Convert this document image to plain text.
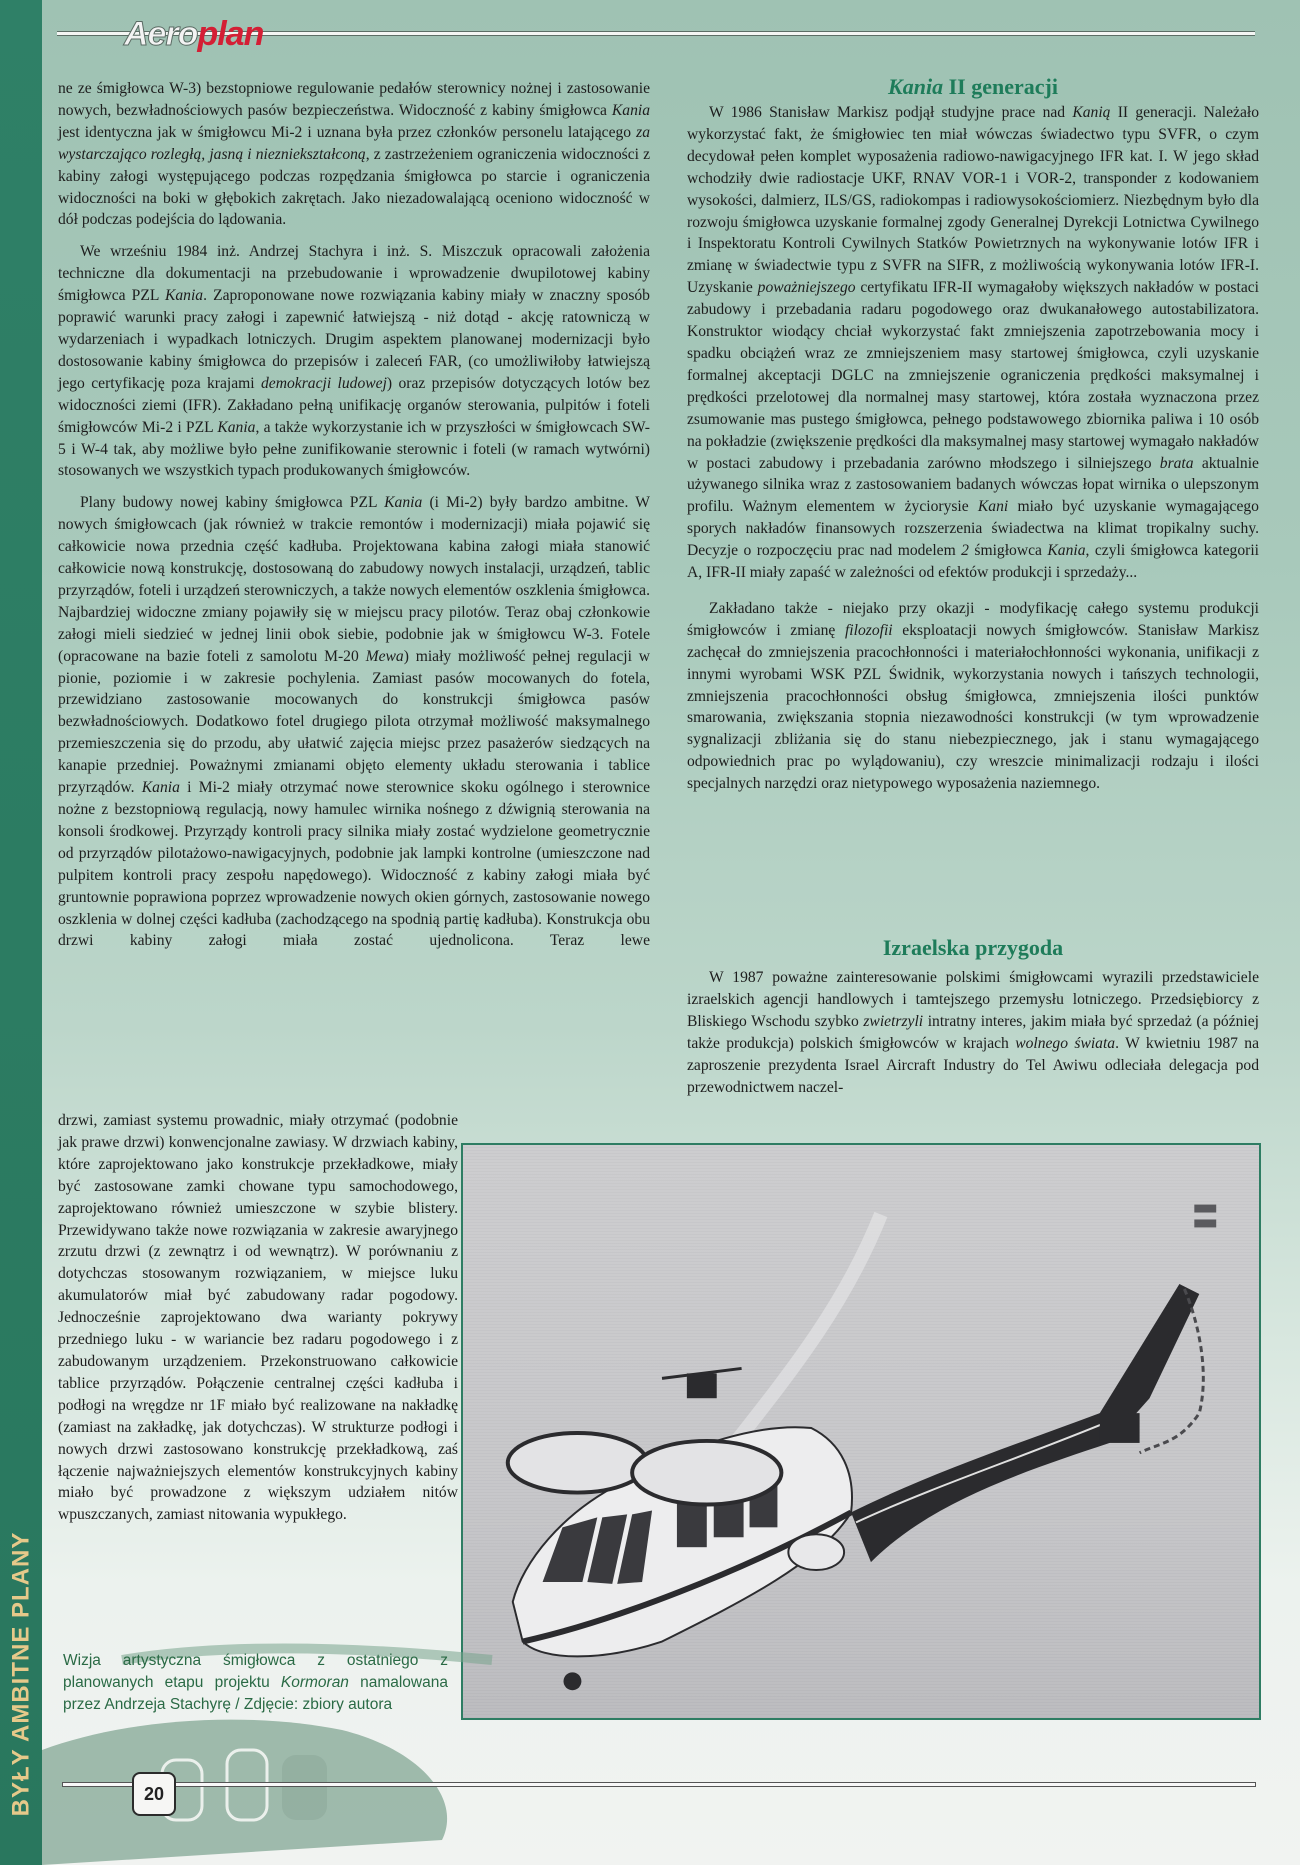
BYŁY AMBITNE PLANY
Aeroplan

ne ze śmigłowca W-3) bezstopniowe regulowanie pedałów sterownicy nożnej i zastosowanie nowych, bezwładnościowych pasów bezpieczeństwa. Widoczność z kabiny śmigłowca Kania jest identyczna jak w śmigłowcu Mi-2 i uznana była przez członków personelu latającego za wystarczająco rozległą, jasną i niezniekształconą, z zastrzeżeniem ograniczenia widoczności z kabiny załogi występującego podczas rozpędzania śmigłowca po starcie i ograniczenia widoczności na boki w głębokich zakrętach. Jako niezadowalającą oceniono widoczność w dół podczas podejścia do lądowania.

We wrześniu 1984 inż. Andrzej Stachyra i inż. S. Miszczuk opracowali założenia techniczne dla dokumentacji na przebudowanie i wprowadzenie dwupilotowej kabiny śmigłowca PZL Kania. Zaproponowane nowe rozwiązania kabiny miały w znaczny sposób poprawić warunki pracy załogi i zapewnić łatwiejszą - niż dotąd - akcję ratowniczą w wydarzeniach i wypadkach lotniczych. Drugim aspektem planowanej modernizacji było dostosowanie kabiny śmigłowca do przepisów i zaleceń FAR, (co umożliwiłoby łatwiejszą jego certyfikację poza krajami demokracji ludowej) oraz przepisów dotyczących lotów bez widoczności ziemi (IFR). Zakładano pełną unifikację organów sterowania, pulpitów i foteli śmigłowców Mi-2 i PZL Kania, a także wykorzystanie ich w przyszłości w śmigłowcach SW-5 i W-4 tak, aby możliwe było pełne zunifikowanie sterownic i foteli (w ramach wytwórni) stosowanych we wszystkich typach produkowanych śmigłowców.

Plany budowy nowej kabiny śmigłowca PZL Kania (i Mi-2) były bardzo ambitne. W nowych śmigłowcach (jak również w trakcie remontów i modernizacji) miała pojawić się całkowicie nowa przednia część kadłuba. Projektowana kabina załogi miała stanowić całkowicie nową konstrukcję, dostosowaną do zabudowy nowych instalacji, urządzeń, tablic przyrządów, foteli i urządzeń sterowniczych, a także nowych elementów oszklenia śmigłowca. Najbardziej widoczne zmiany pojawiły się w miejscu pracy pilotów. Teraz obaj członkowie załogi mieli siedzieć w jednej linii obok siebie, podobnie jak w śmigłowcu W-3. Fotele (opracowane na bazie foteli z samolotu M-20 Mewa) miały możliwość pełnej regulacji w pionie, poziomie i w zakresie pochylenia. Zamiast pasów mocowanych do fotela, przewidziano zastosowanie mocowanych do konstrukcji śmigłowca pasów bezwładnościowych. Dodatkowo fotel drugiego pilota otrzymał możliwość maksymalnego przemieszczenia się do przodu, aby ułatwić zajęcia miejsc przez pasażerów siedzących na kanapie przedniej. Poważnymi zmianami objęto elementy układu sterowania i tablice przyrządów. Kania i Mi-2 miały otrzymać nowe sterownice skoku ogólnego i sterownice nożne z bezstopniową regulacją, nowy hamulec wirnika nośnego z dźwignią sterowania na konsoli środkowej. Przyrządy kontroli pracy silnika miały zostać wydzielone geometrycznie od przyrządów pilotażowo-nawigacyjnych, podobnie jak lampki kontrolne (umieszczone nad pulpitem kontroli pracy zespołu napędowego). Widoczność z kabiny załogi miała być gruntownie poprawiona poprzez wprowadzenie nowych okien górnych, zastosowanie nowego oszklenia w dolnej części kadłuba (zachodzącego na spodnią partię kadłuba). Konstrukcja obu drzwi kabiny załogi miała zostać ujednolicona. Teraz lewe

drzwi, zamiast systemu prowadnic, miały otrzymać (podobnie jak prawe drzwi) konwencjonalne zawiasy. W drzwiach kabiny, które zaprojektowano jako konstrukcje przekładkowe, miały być zastosowane zamki chowane typu samochodowego, zaprojektowano również umieszczone w szybie blistery. Przewidywano także nowe rozwiązania w zakresie awaryjnego zrzutu drzwi (z zewnątrz i od wewnątrz). W porównaniu z dotychczas stosowanym rozwiązaniem, w miejsce luku akumulatorów miał być zabudowany radar pogodowy. Jednocześnie zaprojektowano dwa warianty pokrywy przedniego luku - w wariancie bez radaru pogodowego i z zabudowanym urządzeniem. Przekonstruowano całkowicie tablice przyrządów. Połączenie centralnej części kadłuba i podłogi na wręgdze nr 1F miało być realizowane na nakładkę (zamiast na zakładkę, jak dotychczas). W strukturze podłogi i nowych drzwi zastosowano konstrukcję przekładkową, zaś łączenie najważniejszych elementów konstrukcyjnych kabiny miało być prowadzone z większym udziałem nitów wpuszczanych, zamiast nitowania wypukłego.

Kania II generacji

W 1986 Stanisław Markisz podjął studyjne prace nad Kanią II generacji. Należało wykorzystać fakt, że śmigłowiec ten miał wówczas świadectwo typu SVFR, o czym decydował pełen komplet wyposażenia radiowo-nawigacyjnego IFR kat. I. W jego skład wchodziły dwie radiostacje UKF, RNAV VOR-1 i VOR-2, transponder z kodowaniem wysokości, dalmierz, ILS/GS, radiokompas i radiowysokościomierz. Niezbędnym było dla rozwoju śmigłowca uzyskanie formalnej zgody Generalnej Dyrekcji Lotnictwa Cywilnego i Inspektoratu Kontroli Cywilnych Statków Powietrznych na wykonywanie lotów IFR i zmianę w świadectwie typu z SVFR na SIFR, z możliwością wykonywania lotów IFR-I. Uzyskanie poważniejszego certyfikatu IFR-II wymagałoby większych nakładów w postaci zabudowy i przebadania radaru pogodowego oraz dwukanałowego autostabilizatora. Konstruktor wiodący chciał wykorzystać fakt zmniejszenia zapotrzebowania mocy i spadku obciążeń wraz ze zmniejszeniem masy startowej śmigłowca, czyli uzyskanie formalnej akceptacji DGLC na zmniejszenie ograniczenia prędkości maksymalnej i prędkości przelotowej dla normalnej masy startowej, która została wyznaczona przez zsumowanie mas pustego śmigłowca, pełnego podstawowego zbiornika paliwa i 10 osób na pokładzie (zwiększenie prędkości dla maksymalnej masy startowej wymagało nakładów w postaci zabudowy i przebadania zarówno młodszego i silniejszego brata aktualnie używanego silnika wraz z zastosowaniem badanych wówczas łopat wirnika o ulepszonym profilu. Ważnym elementem w życiorysie Kani miało być uzyskanie wymagającego sporych nakładów finansowych rozszerzenia świadectwa na klimat tropikalny suchy. Decyzje o rozpoczęciu prac nad modelem 2 śmigłowca Kania, czyli śmigłowca kategorii A, IFR-II miały zapaść w zależności od efektów produkcji i sprzedaży...

Zakładano także - niejako przy okazji - modyfikację całego systemu produkcji śmigłowców i zmianę filozofii eksploatacji nowych śmigłowców. Stanisław Markisz zachęcał do zmniejszenia pracochłonności i materiałochłonności wykonania, unifikacji z innymi wyrobami WSK PZL Świdnik, wykorzystania nowych i tańszych technologii, zmniejszenia pracochłonności obsług śmigłowca, zmniejszenia ilości punktów smarowania, zwiększania stopnia niezawodności konstrukcji (w tym wprowadzenie sygnalizacji zbliżania się do stanu niebezpiecznego, jak i stanu wymagającego odpowiednich prac po wylądowaniu), czy wreszcie minimalizacji rodzaju i ilości specjalnych narzędzi oraz nietypowego wyposażenia naziemnego.

Izraelska przygoda

W 1987 poważne zainteresowanie polskimi śmigłowcami wyrazili przedstawiciele izraelskich agencji handlowych i tamtejszego przemysłu lotniczego. Przedsiębiorcy z Bliskiego Wschodu szybko zwietrzyli intratny interes, jakim miała być sprzedaż (a później także produkcja) polskich śmigłowców w krajach wolnego świata. W kwietniu 1987 na zaproszenie prezydenta Israel Aircraft Industry do Tel Awiwu odleciała delegacja pod przewodnictwem naczel-

Wizja artystyczna śmigłowca z ostatniego z planowanych etapu projektu Kormoran namalowana przez Andrzeja Stachyrę / Zdjęcie: zbiory autora
20
